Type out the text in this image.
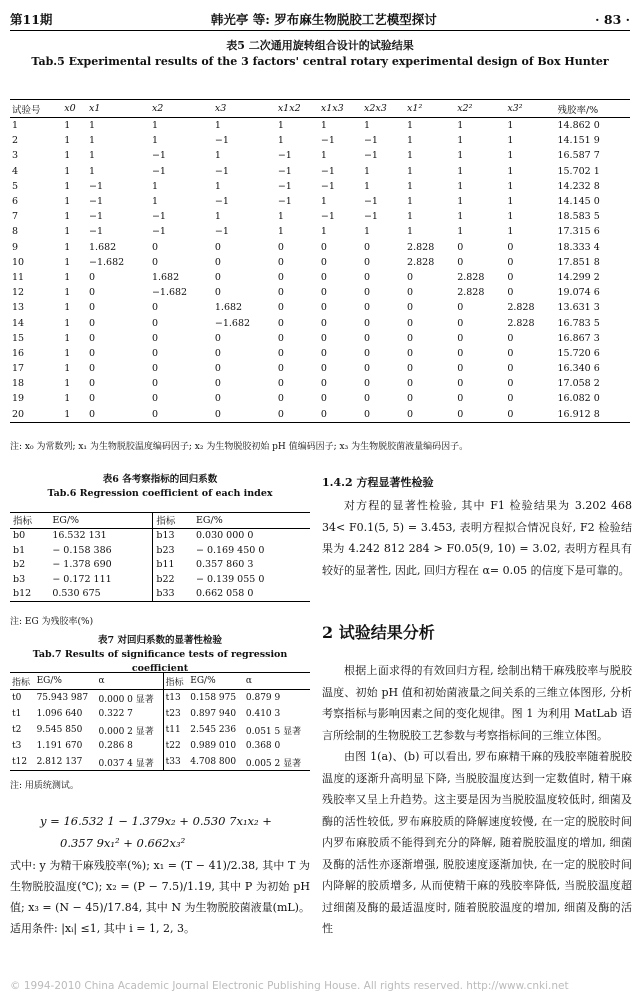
第11期	韩光亭 等: 罗布麻生物脱胶工艺模型探讨	· 83 ·
表5 二次通用旋转组合设计的试验结果
Tab.5 Experimental results of the 3 factors' central rotary experimental design of Box Hunter
试验号	x0	x1	x2	x3	x1x2	x1x3	x2x3	x1²	x2²	x3²	残胶率/%
1	1	1	1	1	1	1	1	1	1	1	14.862 0
2	1	1	1	−1	1	−1	−1	1	1	1	14.151 9
3	1	1	−1	1	−1	1	−1	1	1	1	16.587 7
4	1	1	−1	−1	−1	−1	1	1	1	1	15.702 1
5	1	−1	1	1	−1	−1	1	1	1	1	14.232 8
6	1	−1	1	−1	−1	1	−1	1	1	1	14.145 0
7	1	−1	−1	1	1	−1	−1	1	1	1	18.583 5
8	1	−1	−1	−1	1	1	1	1	1	1	17.315 6
9	1	1.682	0	0	0	0	0	2.828	0	0	18.333 4
10	1	−1.682	0	0	0	0	0	2.828	0	0	17.851 8
11	1	0	1.682	0	0	0	0	0	2.828	0	14.299 2
12	1	0	−1.682	0	0	0	0	0	2.828	0	19.074 6
13	1	0	0	1.682	0	0	0	0	0	2.828	13.631 3
14	1	0	0	−1.682	0	0	0	0	0	2.828	16.783 5
15	1	0	0	0	0	0	0	0	0	0	16.867 3
16	1	0	0	0	0	0	0	0	0	0	15.720 6
17	1	0	0	0	0	0	0	0	0	0	16.340 6
18	1	0	0	0	0	0	0	0	0	0	17.058 2
19	1	0	0	0	0	0	0	0	0	0	16.082 0
20	1	0	0	0	0	0	0	0	0	0	16.912 8
注: x₀ 为常数列; x₁ 为生物脱胶温度编码因子; x₂ 为生物脱胶初始 pH 值编码因子; x₃ 为生物脱胶菌液量编码因子。
表6 各考察指标的回归系数
Tab.6 Regression coefficient of each index
指标	EG/%	指标	EG/%
b0	16.532 131	b13	0.030 000 0
b1	− 0.158 386	b23	− 0.169 450 0
b2	− 1.378 690	b11	0.357 860 3
b3	− 0.172 111	b22	− 0.139 055 0
b12	0.530 675	b33	0.662 058 0
注: EG 为残胶率(%)
表7 对回归系数的显著性检验
Tab.7 Results of significance tests of regression coefficient
指标	EG/%	α	指标	EG/%	α
t0	75.943 987	0.000 0 显著	t13	0.158 975	0.879 9
t1	1.096 640	0.322 7	t23	0.897 940	0.410 3
t2	9.545 850	0.000 2 显著	t11	2.545 236	0.051 5 显著
t3	1.191 670	0.286 8	t22	0.989 010	0.368 0
t12	2.812 137	0.037 4 显著	t33	4.708 800	0.005 2 显著
注: 用质统测试。
y = 16.532 1 − 1.379x₂ + 0.530 7x₁x₂ +
0.357 9x₁² + 0.662x₃²
式中: y 为精干麻残胶率(%); x₁ = (T − 41)/2.38, 其中 T 为生物脱胶温度(℃); x₂ = (P − 7.5)/1.19, 其中 P 为初始 pH 值; x₃ = (N − 45)/17.84, 其中 N 为生物脱胶菌液量(mL)。适用条件: |xᵢ| ≤1, 其中 i = 1, 2, 3。
1.4.2 方程显著性检验
对方程的显著性检验, 其中 F1 检验结果为 3.202 468 34< F0.1(5, 5) = 3.453, 表明方程拟合情况良好, F2 检验结果为 4.242 812 284 > F0.05(9, 10) = 3.02, 表明方程具有较好的显著性, 因此, 回归方程在 α= 0.05 的信度下是可靠的。
2 试验结果分析
根据上面求得的有效回归方程, 绘制出精干麻残胶率与脱胶温度、初始 pH 值和初始菌液量之间关系的三维立体图形, 分析考察指标与影响因素之间的变化规律。图 1 为利用 MatLab 语言所绘制的生物脱胶工艺参数与考察指标间的三维立体图。
由图 1(a)、(b) 可以看出, 罗布麻精干麻的残胶率随着脱胶温度的逐渐升高明显下降, 当脱胶温度达到一定数值时, 精干麻残胶率又呈上升趋势。这主要是因为当脱胶温度较低时, 细菌及酶的活性较低, 罗布麻胶质的降解速度较慢, 在一定的脱胶时间内罗布麻胶质不能得到充分的降解, 随着脱胶温度的增加, 细菌及酶的活性亦逐渐增强, 脱胶速度逐渐加快, 在一定的脱胶时间内降解的胶质增多, 从而使精干麻的残胶率降低, 当脱胶温度超过细菌及酶的最适温度时, 随着脱胶温度的增加, 细菌及酶的活性
© 1994-2010 China Academic Journal Electronic Publishing House. All rights reserved. http://www.cnki.net
